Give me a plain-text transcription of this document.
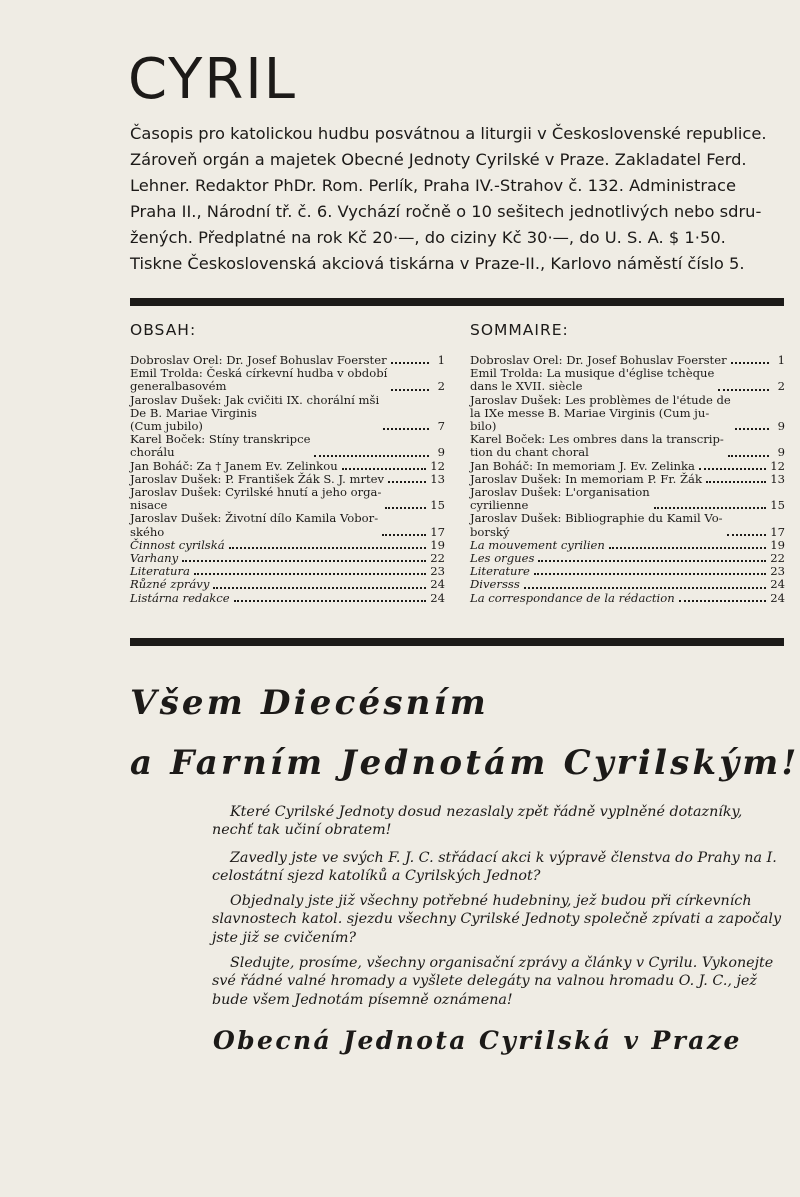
CYRIL

Časopis pro katolickou hudbu posvátnou a liturgii v Československé republice.
Zároveň orgán a majetek Obecné Jednoty Cyrilské v Praze. Zakladatel Ferd.
Lehner. Redaktor PhDr. Rom. Perlík, Praha IV.-Strahov č. 132. Administrace
Praha II., Národní tř. č. 6. Vychází ročně o 10 sešitech jednotlivých nebo sdru-
žených. Předplatné na rok Kč 20·—, do ciziny Kč 30·—, do U. S. A. $ 1·50.
Tiskne Československá akciová tiskárna v Praze-II., Karlovo náměstí číslo 5.

OBSAH:
Dobroslav Orel: Dr. Josef Bohuslav Foerster	1
Emil Trolda: Česká církevní hudba v období
generalbasovém	2
Jaroslav Dušek: Jak cvičiti IX. chorální mši
De B. Mariae Virginis
(Cum jubilo)	7
Karel Boček: Stíny transkripce
chorálu	9
Jan Boháč: Za † Janem Ev. Zelinkou	12
Jaroslav Dušek: P. František Žák S. J. mrtev	13
Jaroslav Dušek: Cyrilské hnutí a jeho orga-
nisace	15
Jaroslav Dušek: Životní dílo Kamila Vobor-
ského	17
Činnost cyrilská	19
Varhany	22
Literatura	23
Různé zprávy	24
Listárna redakce	24
SOMMAIRE:
Dobroslav Orel: Dr. Josef Bohuslav Foerster	1
Emil Trolda: La musique d'église tchèque
dans le XVII. siècle	2
Jaroslav Dušek: Les problèmes de l'étude de
la IXe messe B. Mariae Virginis (Cum ju-
bilo)	9
Karel Boček: Les ombres dans la transcrip-
tion du chant choral	9
Jan Boháč: In memoriam J. Ev. Zelinka	12
Jaroslav Dušek: In memoriam P. Fr. Žák	13
Jaroslav Dušek: L'organisation
cyrilienne	15
Jaroslav Dušek: Bibliographie du Kamil Vo-
borský	17
La mouvement cyrilien	19
Les orgues	22
Literature	23
Diversss	24
La correspondance de la rédaction	24
Všem Diecésním
a Farním Jednotám Cyrilským!

Které Cyrilské Jednoty dosud nezaslaly zpět řádně vyplněné dotazníky, nechť tak učiní obratem!

Zavedly jste ve svých F. J. C. střádací akci k výpravě členstva do Prahy na I. celostátní sjezd katolíků a Cyrilských Jednot?

Objednaly jste již všechny potřebné hudebniny, jež budou při církevních slavnostech katol. sjezdu všechny Cyrilské Jednoty společně zpívati a započaly jste již se cvičením?

Sledujte, prosíme, všechny organisační zprávy a články v Cyrilu. Vykonejte své řádné valné hromady a vyšlete delegáty na valnou hromadu O. J. C., jež bude všem Jednotám písemně oznámena!

Obecná Jednota Cyrilská v Praze
